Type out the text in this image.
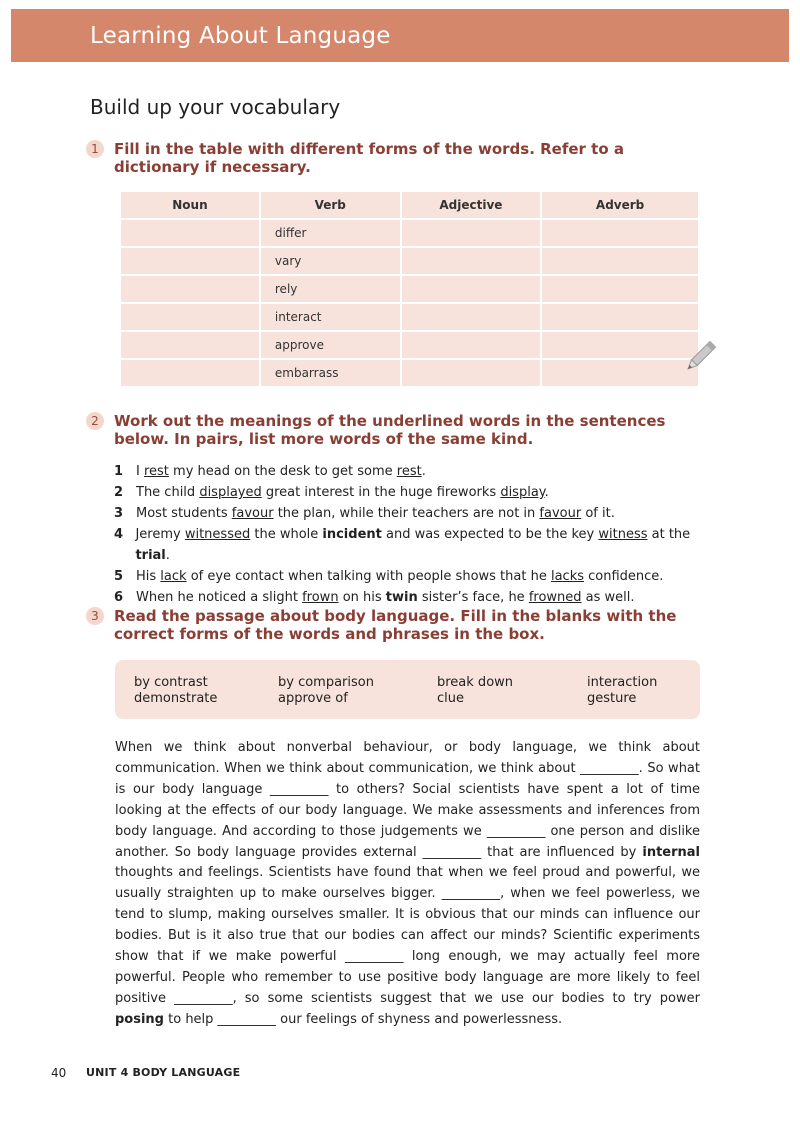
Learning About Language
Build up your vocabulary
1	Fill in the table with different forms of the words. Refer to a dictionary if necessary.
Noun	Verb	Adjective	Adverb
	differ		
	vary		
	rely		
	interact		
	approve		
	embarrass		
2	Work out the meanings of the underlined words in the sentences below. In pairs, list more words of the same kind.
1 I rest my head on the desk to get some rest.
2 The child displayed great interest in the huge fireworks display.
3 Most students favour the plan, while their teachers are not in favour of it.
4 Jeremy witnessed the whole incident and was expected to be the key witness at the trial.
5 His lack of eye contact when talking with people shows that he lacks confidence.
6 When he noticed a slight frown on his twin sister’s face, he frowned as well.
3	Read the passage about body language. Fill in the blanks with the correct forms of the words and phrases in the box.
by contrast
demonstrate
by comparison
approve of
break down
clue
interaction
gesture
When we think about nonverbal behaviour, or body language, we think about communication. When we think about communication, we think about _________. So what is our body language _________ to others? Social scientists have spent a lot of time looking at the effects of our body language. We make assessments and inferences from body language. And according to those judgements we _________ one person and dislike another. So body language provides external _________ that are influenced by internal thoughts and feelings. Scientists have found that when we feel proud and powerful, we usually straighten up to make ourselves bigger. _________, when we feel powerless, we tend to slump, making ourselves smaller. It is obvious that our minds can influence our bodies. But is it also true that our bodies can affect our minds? Scientific experiments show that if we make powerful _________ long enough, we may actually feel more powerful. People who remember to use positive body language are more likely to feel positive _________, so some scientists suggest that we use our bodies to try power posing to help _________ our feelings of shyness and powerlessness.
40 UNIT 4 BODY LANGUAGE
